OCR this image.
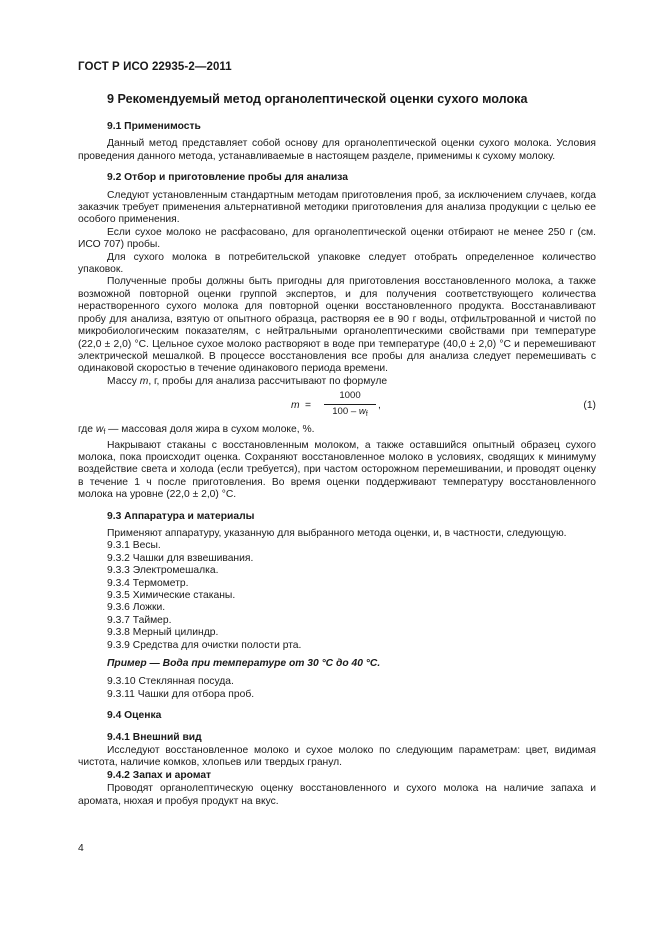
ГОСТ Р ИСО 22935-2—2011
9 Рекомендуемый метод органолептической оценки сухого молока
9.1 Применимость

Данный метод представляет собой основу для органолептической оценки сухого молока. Условия проведения данного метода, устанавливаемые в настоящем разделе, применимы к сухому молоку.

9.2 Отбор и приготовление пробы для анализа

Следуют установленным стандартным методам приготовления проб, за исключением случаев, когда заказчик требует применения альтернативной методики приготовления для анализа продукции с целью ее особого применения.

Если сухое молоко не расфасовано, для органолептической оценки отбирают не менее 250 г (см. ИСО 707) пробы.

Для сухого молока в потребительской упаковке следует отобрать определенное количество упаковок.

Полученные пробы должны быть пригодны для приготовления восстановленного молока, а также возможной повторной оценки группой экспертов, и для получения соответствующего количества нерастворенного сухого молока для повторной оценки восстановленного продукта. Восстанавливают пробу для анализа, взятую от опытного образца, растворяя ее в 90 г воды, отфильтрованной и чистой по микробиологическим показателям, с нейтральными органолептическими свойствами при температуре (22,0 ± 2,0) °С. Цельное сухое молоко растворяют в воде при температуре (40,0 ± 2,0) °С и перемешивают электрической мешалкой. В процессе восстановления все пробы для анализа следует перемешивать с одинаковой скоростью в течение одинакового периода времени.

Массу m, г, пробы для анализа рассчитывают по формуле

$m = \frac{1000}{100 - w_f}$ ,	(1)

где $w_f$ — массовая доля жира в сухом молоке, %.

Накрывают стаканы с восстановленным молоком, а также оставшийся опытный образец сухого молока, пока происходит оценка. Сохраняют восстановленное молоко в условиях, сводящих к минимуму воздействие света и холода (если требуется), при частом осторожном перемешивании, и проводят оценку в течение 1 ч после приготовления. Во время оценки поддерживают температуру восстановленного молока на уровне (22,0 ± 2,0) °С.

9.3 Аппаратура и материалы

Применяют аппаратуру, указанную для выбранного метода оценки, и, в частности, следующую.

9.3.1 Весы.
9.3.2 Чашки для взвешивания.
9.3.3 Электромешалка.
9.3.4 Термометр.
9.3.5 Химические стаканы.
9.3.6 Ложки.
9.3.7 Таймер.
9.3.8 Мерный цилиндр.
9.3.9 Средства для очистки полости рта.
Пример — Вода при температуре от 30 °С до 40 °С.
9.3.10 Стеклянная посуда.
9.3.11 Чашки для отбора проб.
9.4 Оценка
9.4.1 Внешний вид

Исследуют восстановленное молоко и сухое молоко по следующим параметрам: цвет, видимая чистота, наличие комков, хлопьев или твердых гранул.

9.4.2 Запах и аромат

Проводят органолептическую оценку восстановленного и сухого молока на наличие запаха и аромата, нюхая и пробуя продукт на вкус.

4
